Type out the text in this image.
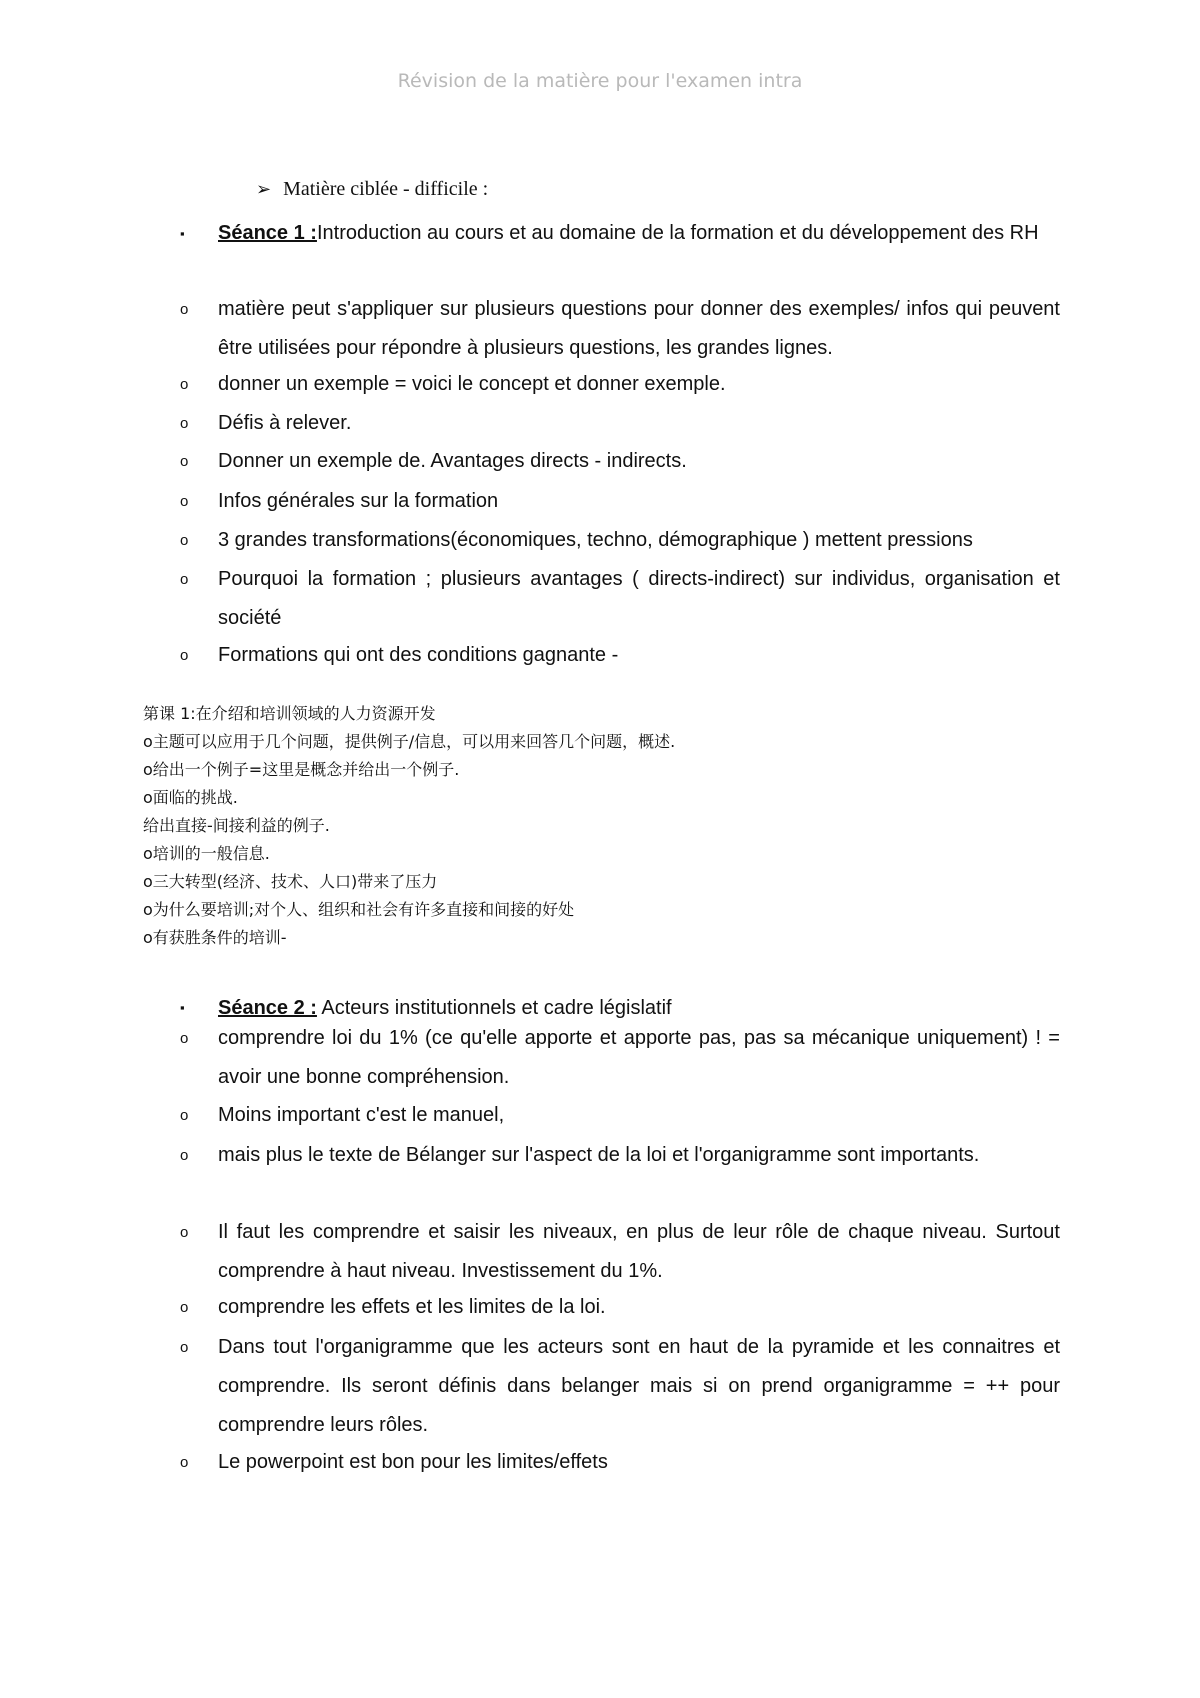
Révision de la matière pour l'examen intra
➢ Matière ciblée - difficile :
▪	Séance 1 :Introduction au cours et au domaine de la formation et du développement des RH
o	matière peut s'appliquer sur plusieurs questions pour donner des exemples/ infos qui peuvent être utilisées pour répondre à plusieurs questions, les grandes lignes.
o	donner un exemple = voici le concept et donner exemple.
o	Défis à relever.
o	Donner un exemple de. Avantages directs - indirects.
o	Infos générales sur la formation
o	3 grandes transformations(économiques, techno, démographique ) mettent pressions
o	Pourquoi la formation ; plusieurs avantages ( directs-indirect) sur individus, organisation et société
o	Formations qui ont des conditions gagnante -
第课 1:在介绍和培训领域的人力资源开发
o主题可以应用于几个问题，提供例子/信息，可以用来回答几个问题，概述.
o给出一个例子=这里是概念并给出一个例子.
o面临的挑战.
给出直接-间接利益的例子.
o培训的一般信息.
o三大转型(经济、技术、人口)带来了压力
o为什么要培训;对个人、组织和社会有许多直接和间接的好处
o有获胜条件的培训-
▪	Séance 2 : Acteurs institutionnels et cadre législatif
o	comprendre loi du 1% (ce qu'elle apporte et apporte pas, pas sa mécanique uniquement) ! = avoir une bonne compréhension.
o	Moins important c'est le manuel,
o	mais plus le texte de Bélanger sur l'aspect de la loi et l'organigramme sont importants.
o	Il faut les comprendre et saisir les niveaux, en plus de leur rôle de chaque niveau. Surtout comprendre à haut niveau. Investissement du 1%.
o	comprendre les effets et les limites de la loi.
o	Dans tout l'organigramme que les acteurs sont en haut de la pyramide et les connaitres et comprendre. Ils seront définis dans belanger mais si on prend organigramme = ++ pour comprendre leurs rôles.
o	Le powerpoint est bon pour les limites/effets
